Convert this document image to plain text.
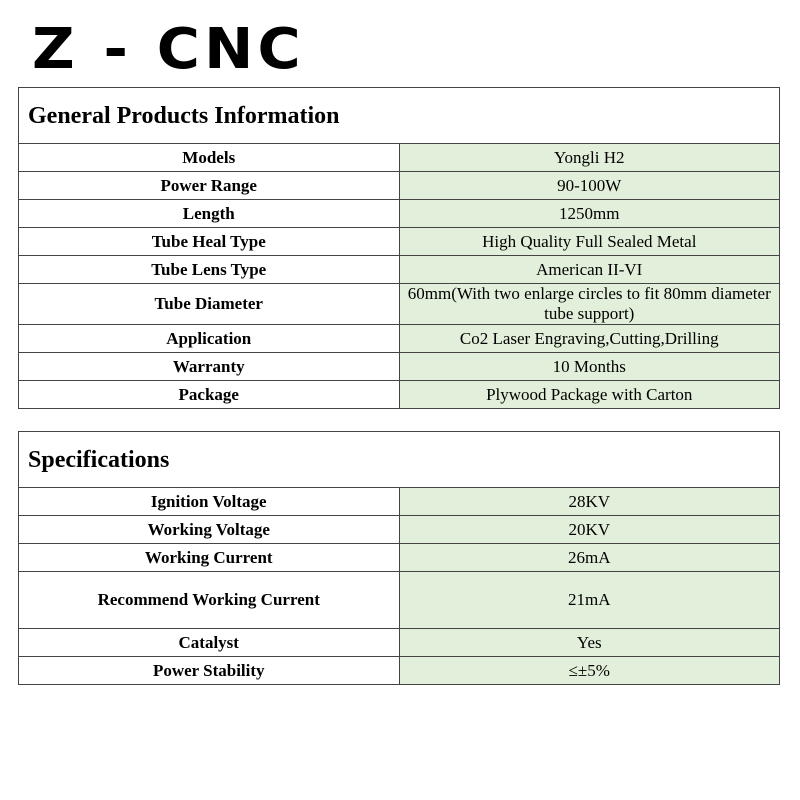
Z - CNC
General Products Information	
Models	Yongli H2
Power Range	90-100W
Length	1250mm
Tube Heal Type	High Quality Full Sealed Metal
Tube Lens Type	American II-VI
Tube Diameter	60mm(With two enlarge circles to fit 80mm diameter tube support)
Application	Co2 Laser Engraving,Cutting,Drilling
Warranty	10 Months
Package	Plywood Package with Carton
Specifications	
Ignition Voltage	28KV
Working Voltage	20KV
Working Current	26mA
Recommend Working Current	21mA
Catalyst	Yes
Power Stability	≤±5%
